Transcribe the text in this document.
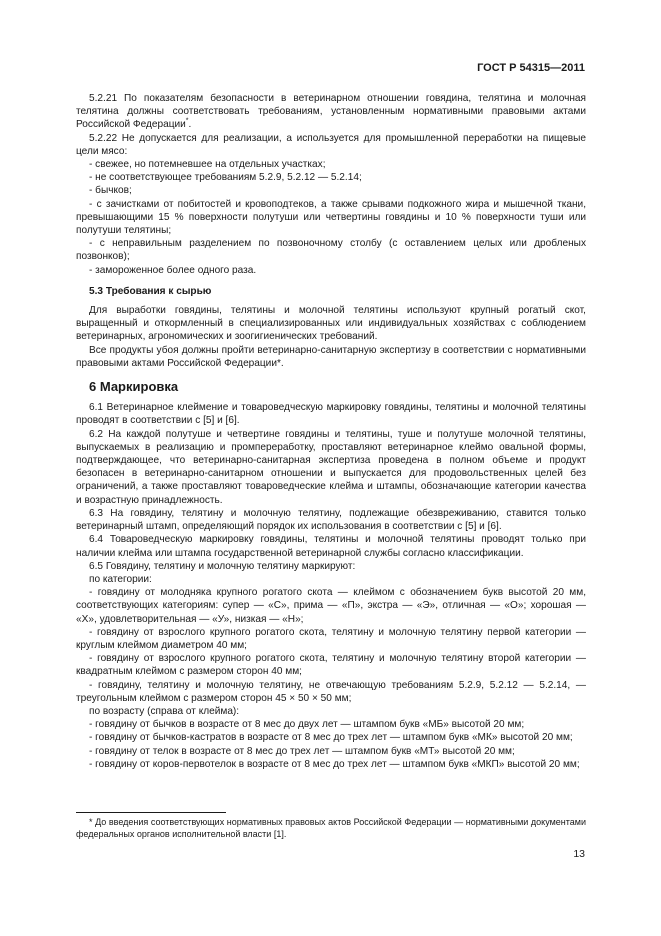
ГОСТ Р 54315—2011

5.2.21 По показателям безопасности в ветеринарном отношении говядина, телятина и молочная телятина должны соответствовать требованиям, установленным нормативными правовыми актами Российской Федерации*.

5.2.22 Не допускается для реализации, а используется для промышленной переработки на пищевые цели мясо:

- свежее, но потемневшее на отдельных участках;

- не соответствующее требованиям 5.2.9, 5.2.12 — 5.2.14;

- бычков;

- с зачистками от побитостей и кровоподтеков, а также срывами подкожного жира и мышечной ткани, превышающими 15 % поверхности полутуши или четвертины говядины и 10 % поверхности туши или полутуши телятины;

- с неправильным разделением по позвоночному столбу (с оставлением целых или дробленых позвонков);

- замороженное более одного раза.

5.3 Требования к сырью

Для выработки говядины, телятины и молочной телятины используют крупный рогатый скот, выращенный и откормленный в специализированных или индивидуальных хозяйствах с соблюдением ветеринарных, агрономических и зоогигиенических требований.

Все продукты убоя должны пройти ветеринарно-санитарную экспертизу в соответствии с нормативными правовыми актами Российской Федерации*.

6 Маркировка

6.1 Ветеринарное клеймение и товароведческую маркировку говядины, телятины и молочной телятины проводят в соответствии с [5] и [6].

6.2 На каждой полутуше и четвертине говядины и телятины, туше и полутуше молочной телятины, выпускаемых в реализацию и промпереработку, проставляют ветеринарное клеймо овальной формы, подтверждающее, что ветеринарно-санитарная экспертиза проведена в полном объеме и продукт безопасен в ветеринарно-санитарном отношении и выпускается для продовольственных целей без ограничений, а также проставляют товароведческие клейма и штампы, обозначающие категории качества и возрастную принадлежность.

6.3 На говядину, телятину и молочную телятину, подлежащие обезвреживанию, ставится только ветеринарный штамп, определяющий порядок их использования в соответствии с [5] и [6].

6.4 Товароведческую маркировку говядины, телятины и молочной телятины проводят только при наличии клейма или штампа государственной ветеринарной службы согласно классификации.

6.5 Говядину, телятину и молочную телятину маркируют:

по категории:

- говядину от молодняка крупного рогатого скота — клеймом с обозначением букв высотой 20 мм, соответствующих категориям: супер — «С», прима — «П», экстра — «Э», отличная — «О»; хорошая — «Х», удовлетворительная — «У», низкая — «Н»;

- говядину от взрослого крупного рогатого скота, телятину и молочную телятину первой категории — круглым клеймом диаметром 40 мм;

- говядину от взрослого крупного рогатого скота, телятину и молочную телятину второй категории — квадратным клеймом с размером сторон 40 мм;

- говядину, телятину и молочную телятину, не отвечающую требованиям 5.2.9, 5.2.12 — 5.2.14, — треугольным клеймом с размером сторон 45 × 50 × 50 мм;

по возрасту (справа от клейма):

- говядину от бычков в возрасте от 8 мес до двух лет — штампом букв «МБ» высотой 20 мм;

- говядину от бычков-кастратов в возрасте от 8 мес до трех лет — штампом букв «МК» высотой 20 мм;

- говядину от телок в возрасте от 8 мес до трех лет — штампом букв «МТ» высотой 20 мм;

- говядину от коров-первотелок в возрасте от 8 мес до трех лет — штампом букв «МКП» высотой 20 мм;

* До введения соответствующих нормативных правовых актов Российской Федерации — нормативными документами федеральных органов исполнительной власти [1].

13
